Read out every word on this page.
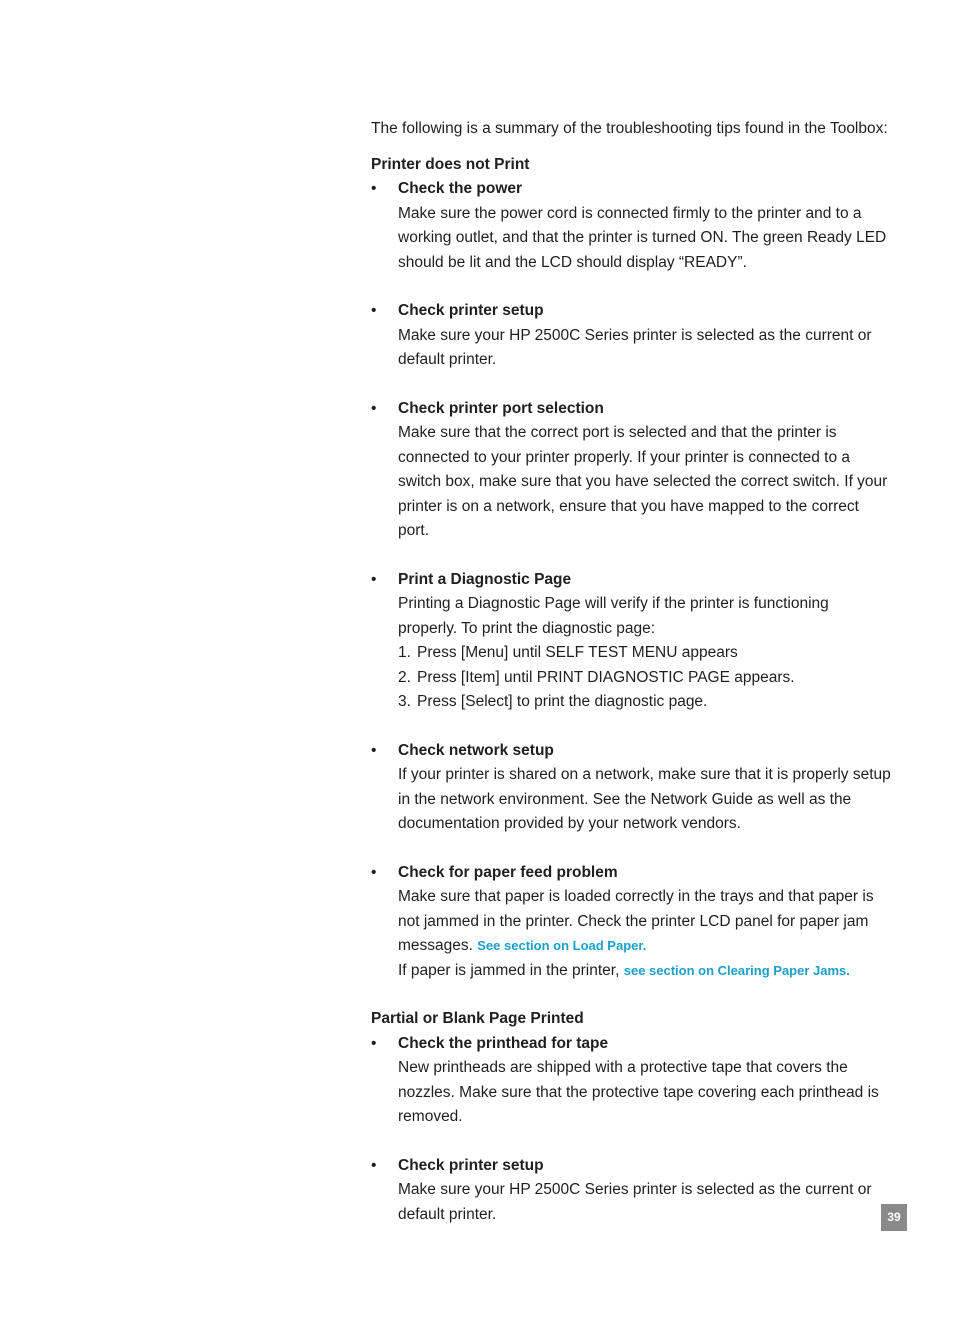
The following is a summary of the troubleshooting tips found in the Toolbox:

Printer does not Print

•	Check the power
Make sure the power cord is connected firmly to the printer and to a working outlet, and that the printer is turned ON. The green Ready LED should be lit and the LCD should display “READY”.
•	Check printer setup
Make sure your HP 2500C Series printer is selected as the current or default printer.
•	Check printer port selection
Make sure that the correct port is selected and that the printer is connected to your printer properly. If your printer is connected to a switch box, make sure that you have selected the correct switch. If your printer is on a network, ensure that you have mapped to the correct port.
•	Print a Diagnostic Page
Printing a Diagnostic Page will verify if the printer is functioning properly. To print the diagnostic page:
1. Press [Menu] until SELF TEST MENU appears
2. Press [Item] until PRINT DIAGNOSTIC PAGE appears.
3. Press [Select] to print the diagnostic page.
•	Check network setup
If your printer is shared on a network, make sure that it is properly setup in the network environment. See the Network Guide as well as the documentation provided by your network vendors.
•	Check for paper feed problem
Make sure that paper is loaded correctly in the trays and that paper is not jammed in the printer. Check the printer LCD panel for paper jam messages. See section on Load Paper.
If paper is jammed in the printer, see section on Clearing Paper Jams.

Partial or Blank Page Printed

•	Check the printhead for tape
New printheads are shipped with a protective tape that covers the nozzles. Make sure that the protective tape covering each printhead is removed.
•	Check printer setup
Make sure your HP 2500C Series printer is selected as the current or default printer.	39
